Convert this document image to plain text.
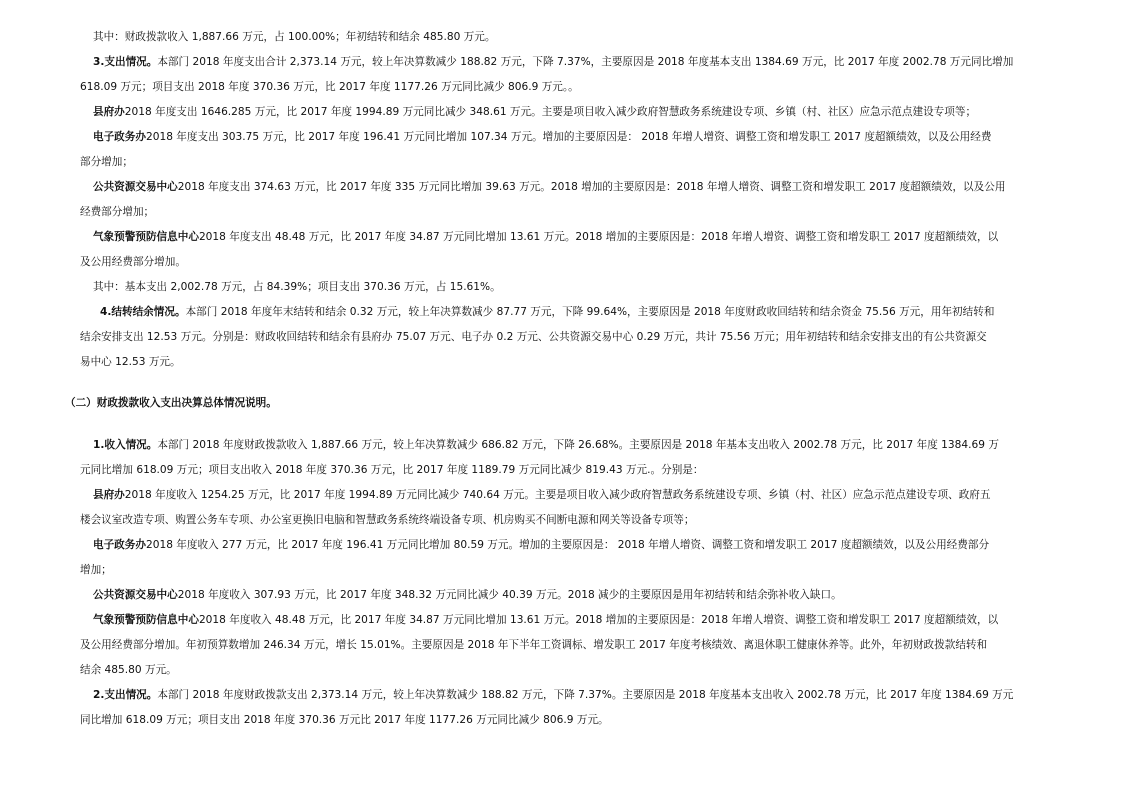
其中：财政拨款收入 1,887.66 万元，占 100.00%；年初结转和结余 485.80 万元。
3.支出情况。本部门 2018 年度支出合计 2,373.14 万元，较上年决算数减少 188.82 万元，下降 7.37%，主要原因是 2018 年度基本支出 1384.69 万元，比 2017 年度 2002.78 万元同比增加
618.09 万元；项目支出 2018 年度 370.36 万元，比 2017 年度 1177.26 万元同比减少 806.9 万元。。
县府办2018 年度支出 1646.285 万元，比 2017 年度 1994.89 万元同比减少 348.61 万元。主要是项目收入减少政府智慧政务系统建设专项、乡镇（村、社区）应急示范点建设专项等；
电子政务办2018 年度支出 303.75 万元，比 2017 年度 196.41 万元同比增加 107.34 万元。增加的主要原因是： 2018 年增人增资、调整工资和增发职工 2017 度超额绩效，以及公用经费
部分增加；
公共资源交易中心2018 年度支出 374.63 万元，比 2017 年度 335 万元同比增加 39.63 万元。2018 增加的主要原因是：2018 年增人增资、调整工资和增发职工 2017 度超额绩效，以及公用
经费部分增加；
气象预警预防信息中心2018 年度支出 48.48 万元，比 2017 年度 34.87 万元同比增加 13.61 万元。2018 增加的主要原因是：2018 年增人增资、调整工资和增发职工 2017 度超额绩效，以
及公用经费部分增加。
其中：基本支出 2,002.78 万元，占 84.39%；项目支出 370.36 万元，占 15.61%。
4.结转结余情况。本部门 2018 年度年末结转和结余 0.32 万元，较上年决算数减少 87.77 万元，下降 99.64%，主要原因是 2018 年度财政收回结转和结余资金 75.56 万元，用年初结转和
结余安排支出 12.53 万元。分别是：财政收回结转和结余有县府办 75.07 万元、电子办 0.2 万元、公共资源交易中心 0.29 万元，共计 75.56 万元；用年初结转和结余安排支出的有公共资源交
易中心 12.53 万元。
（二）财政拨款收入支出决算总体情况说明。
1.收入情况。本部门 2018 年度财政拨款收入 1,887.66 万元，较上年决算数减少 686.82 万元，下降 26.68%。主要原因是 2018 年基本支出收入 2002.78 万元，比 2017 年度 1384.69 万
元同比增加 618.09 万元；项目支出收入 2018 年度 370.36 万元，比 2017 年度 1189.79 万元同比减少 819.43 万元.。分别是：
县府办2018 年度收入 1254.25 万元，比 2017 年度 1994.89 万元同比减少 740.64 万元。主要是项目收入减少政府智慧政务系统建设专项、乡镇（村、社区）应急示范点建设专项、政府五
楼会议室改造专项、购置公务车专项、办公室更换旧电脑和智慧政务系统终端设备专项、机房购买不间断电源和网关等设备专项等；
电子政务办2018 年度收入 277 万元，比 2017 年度 196.41 万元同比增加 80.59 万元。增加的主要原因是： 2018 年增人增资、调整工资和增发职工 2017 度超额绩效，以及公用经费部分
增加；
公共资源交易中心2018 年度收入 307.93 万元，比 2017 年度 348.32 万元同比减少 40.39 万元。2018 减少的主要原因是用年初结转和结余弥补收入缺口。
气象预警预防信息中心2018 年度收入 48.48 万元，比 2017 年度 34.87 万元同比增加 13.61 万元。2018 增加的主要原因是：2018 年增人增资、调整工资和增发职工 2017 度超额绩效，以
及公用经费部分增加。年初预算数增加 246.34 万元，增长 15.01%。主要原因是 2018 年下半年工资调标、增发职工 2017 年度考核绩效、离退休职工健康休养等。此外，年初财政拨款结转和
结余 485.80 万元。
2.支出情况。本部门 2018 年度财政拨款支出 2,373.14 万元，较上年决算数减少 188.82 万元，下降 7.37%。主要原因是 2018 年度基本支出收入 2002.78 万元，比 2017 年度 1384.69 万元
同比增加 618.09 万元；项目支出 2018 年度 370.36 万元比 2017 年度 1177.26 万元同比减少 806.9 万元。
